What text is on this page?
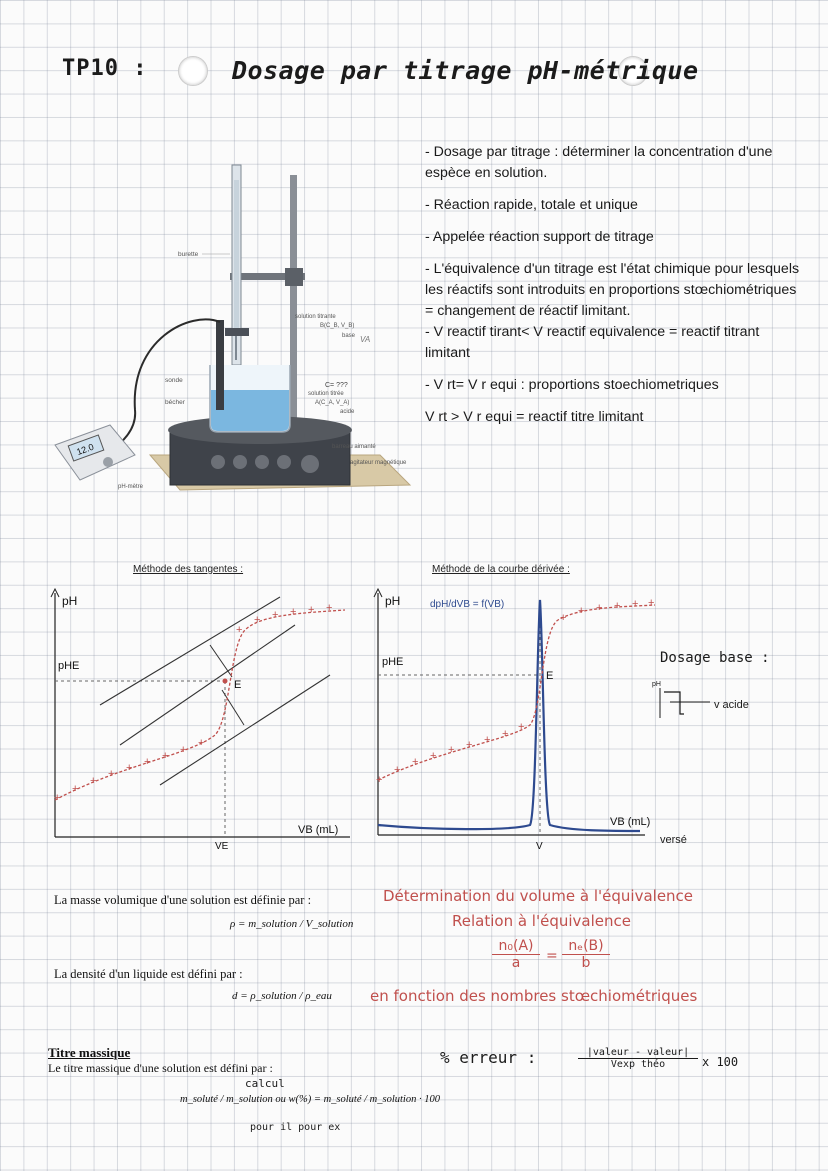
TP10 :	Dosage par titrage pH-métrique
12.0
burette
solution titrante
B(C_B, V_B)
base VA
sonde
bécher
C= ???
solution titrée
A(C_A, V_A)
acide
barreau aimanté
agitateur magnétique
pH-mètre

- Dosage par titrage : déterminer la concentration d'une espèce en solution.

- Réaction rapide, totale et unique

- Appelée réaction support de titrage

- L'équivalence d'un titrage est l'état chimique pour lesquels les réactifs sont introduits en proportions stœchiométriques = changement de réactif limitant.

- V reactif tirant< V reactif equivalence = reactif titrant limitant

- V rt= V r equi : proportions stoechiometriques

V rt > V r equi = reactif titre limitant

Méthode des tangentes :	Méthode de la courbe dérivée :
pH
pHE
+
+
+
+ + + + +
+
+
+ + + + +
E
VE
VB (mL)
pH	dpH/dVB = f(VB)
pHE
+
+
+ + + + + +
+
+
+ + + + +
E
V
VB (mL)
versé
Dosage base :
pH
v acide
La masse volumique d'une solution est définie par :
ρ = m_solution / V_solution
La densité d'un liquide est défini par :
d = ρ_solution / ρ_eau
Titre massique
Le titre massique d'une solution est défini par :
m_soluté / m_solution ou w(%) = m_soluté / m_solution · 100
calcul
pour il pour ex
Détermination du volume à l'équivalence
Relation à l'équivalence
$\frac{\text{n₀(A)}}{a} = \frac{\text{nₑ(B)}}{b}$
en fonction des nombres stœchiométriques
% erreur :	|valeur - valeur|
Vexp théo	x 100
